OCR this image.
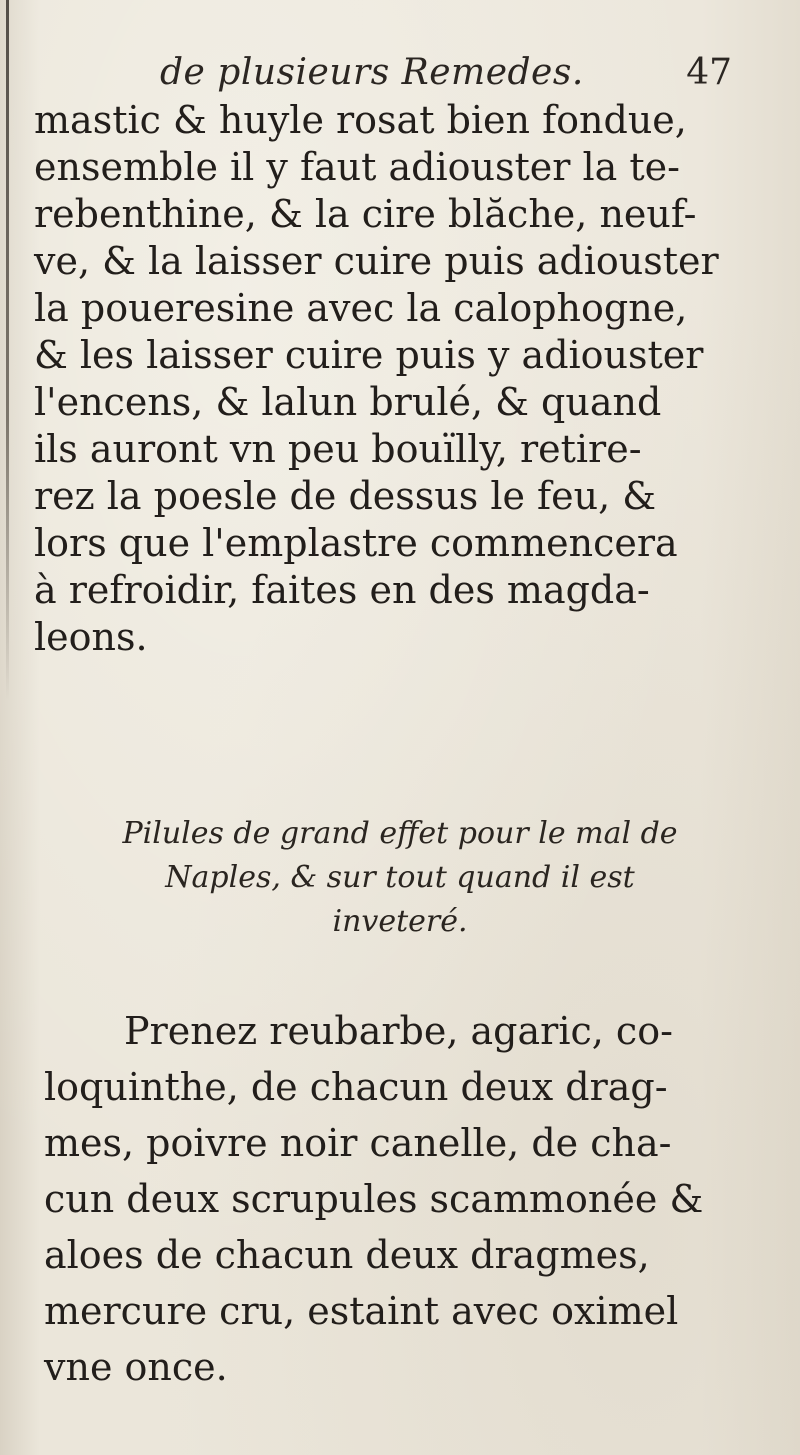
de plusieurs Remedes.	47
mastic & huyle rosat bien fondue,
ensemble il y faut adiouster la te-
rebenthine, & la cire blăche, neuf-
ve, & la laisser cuire puis adiouster
la poueresine avec la calophogne,
& les laisser cuire puis y adiouster
l'encens, & lalun brulé, & quand
ils auront vn peu bouïlly, retire-
rez la poesle de dessus le feu, &
lors que l'emplastre commencera
à refroidir, faites en des magda-
leons.
Pilules de grand effet pour le mal de
Naples, & sur tout quand il est
inveteré.
Prenez reubarbe, agaric, co-
loquinthe, de chacun deux drag-
mes, poivre noir canelle, de cha-
cun deux scrupules scammonée &
aloes de chacun deux dragmes,
mercure cru, estaint avec oximel
vne once.
